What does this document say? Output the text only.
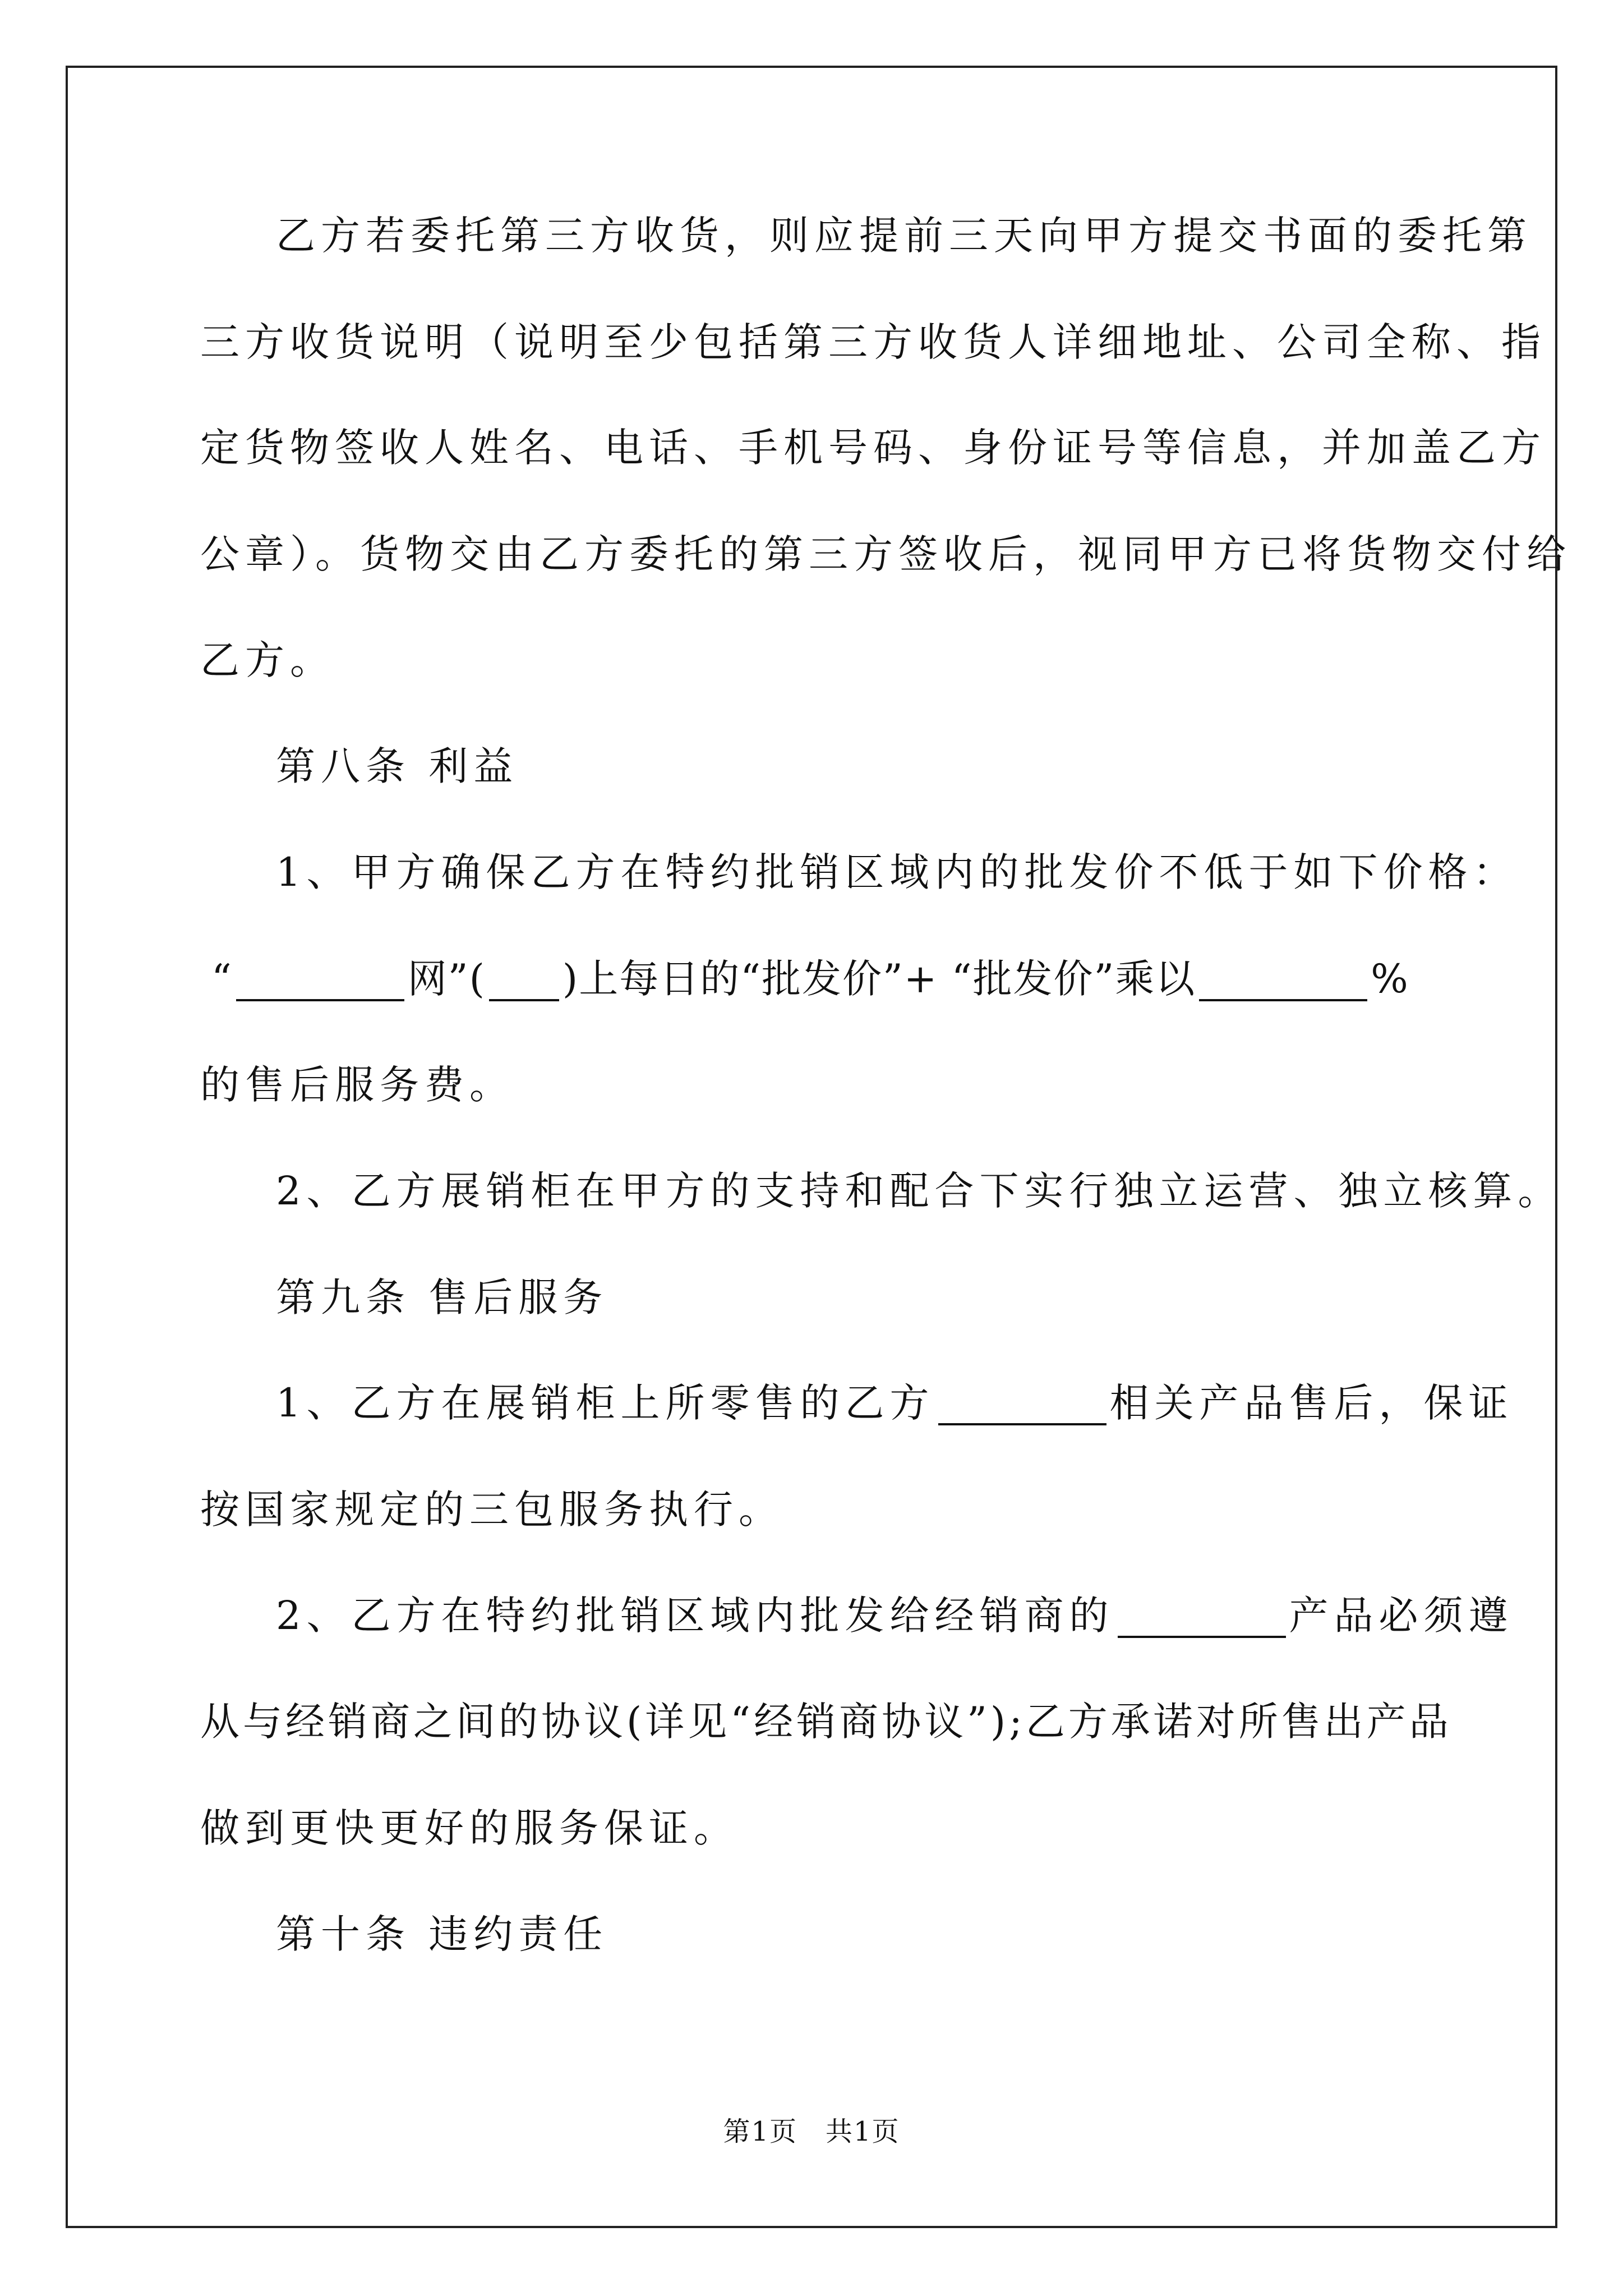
乙方若委托第三方收货，则应提前三天向甲方提交书面的委托第
三方收货说明（说明至少包括第三方收货人详细地址、公司全称、指
定货物签收人姓名、电话、手机号码、身份证号等信息，并加盖乙方
公章）。货物交由乙方委托的第三方签收后，视同甲方已将货物交付给
乙方。
第八条 利益
1、甲方确保乙方在特约批销区域内的批发价不低于如下价格：
“	网”( )上每日的“批发价”+ “批发价”乘以	%
的售后服务费。
2、乙方展销柜在甲方的支持和配合下实行独立运营、独立核算。
第九条 售后服务
1、乙方在展销柜上所零售的乙方	相关产品售后，保证
按国家规定的三包服务执行。
2、乙方在特约批销区域内批发给经销商的	产品必须遵
从与经销商之间的协议(详见“经销商协议”);乙方承诺对所售出产品
做到更快更好的服务保证。
第十条 违约责任
第1页　共1页
